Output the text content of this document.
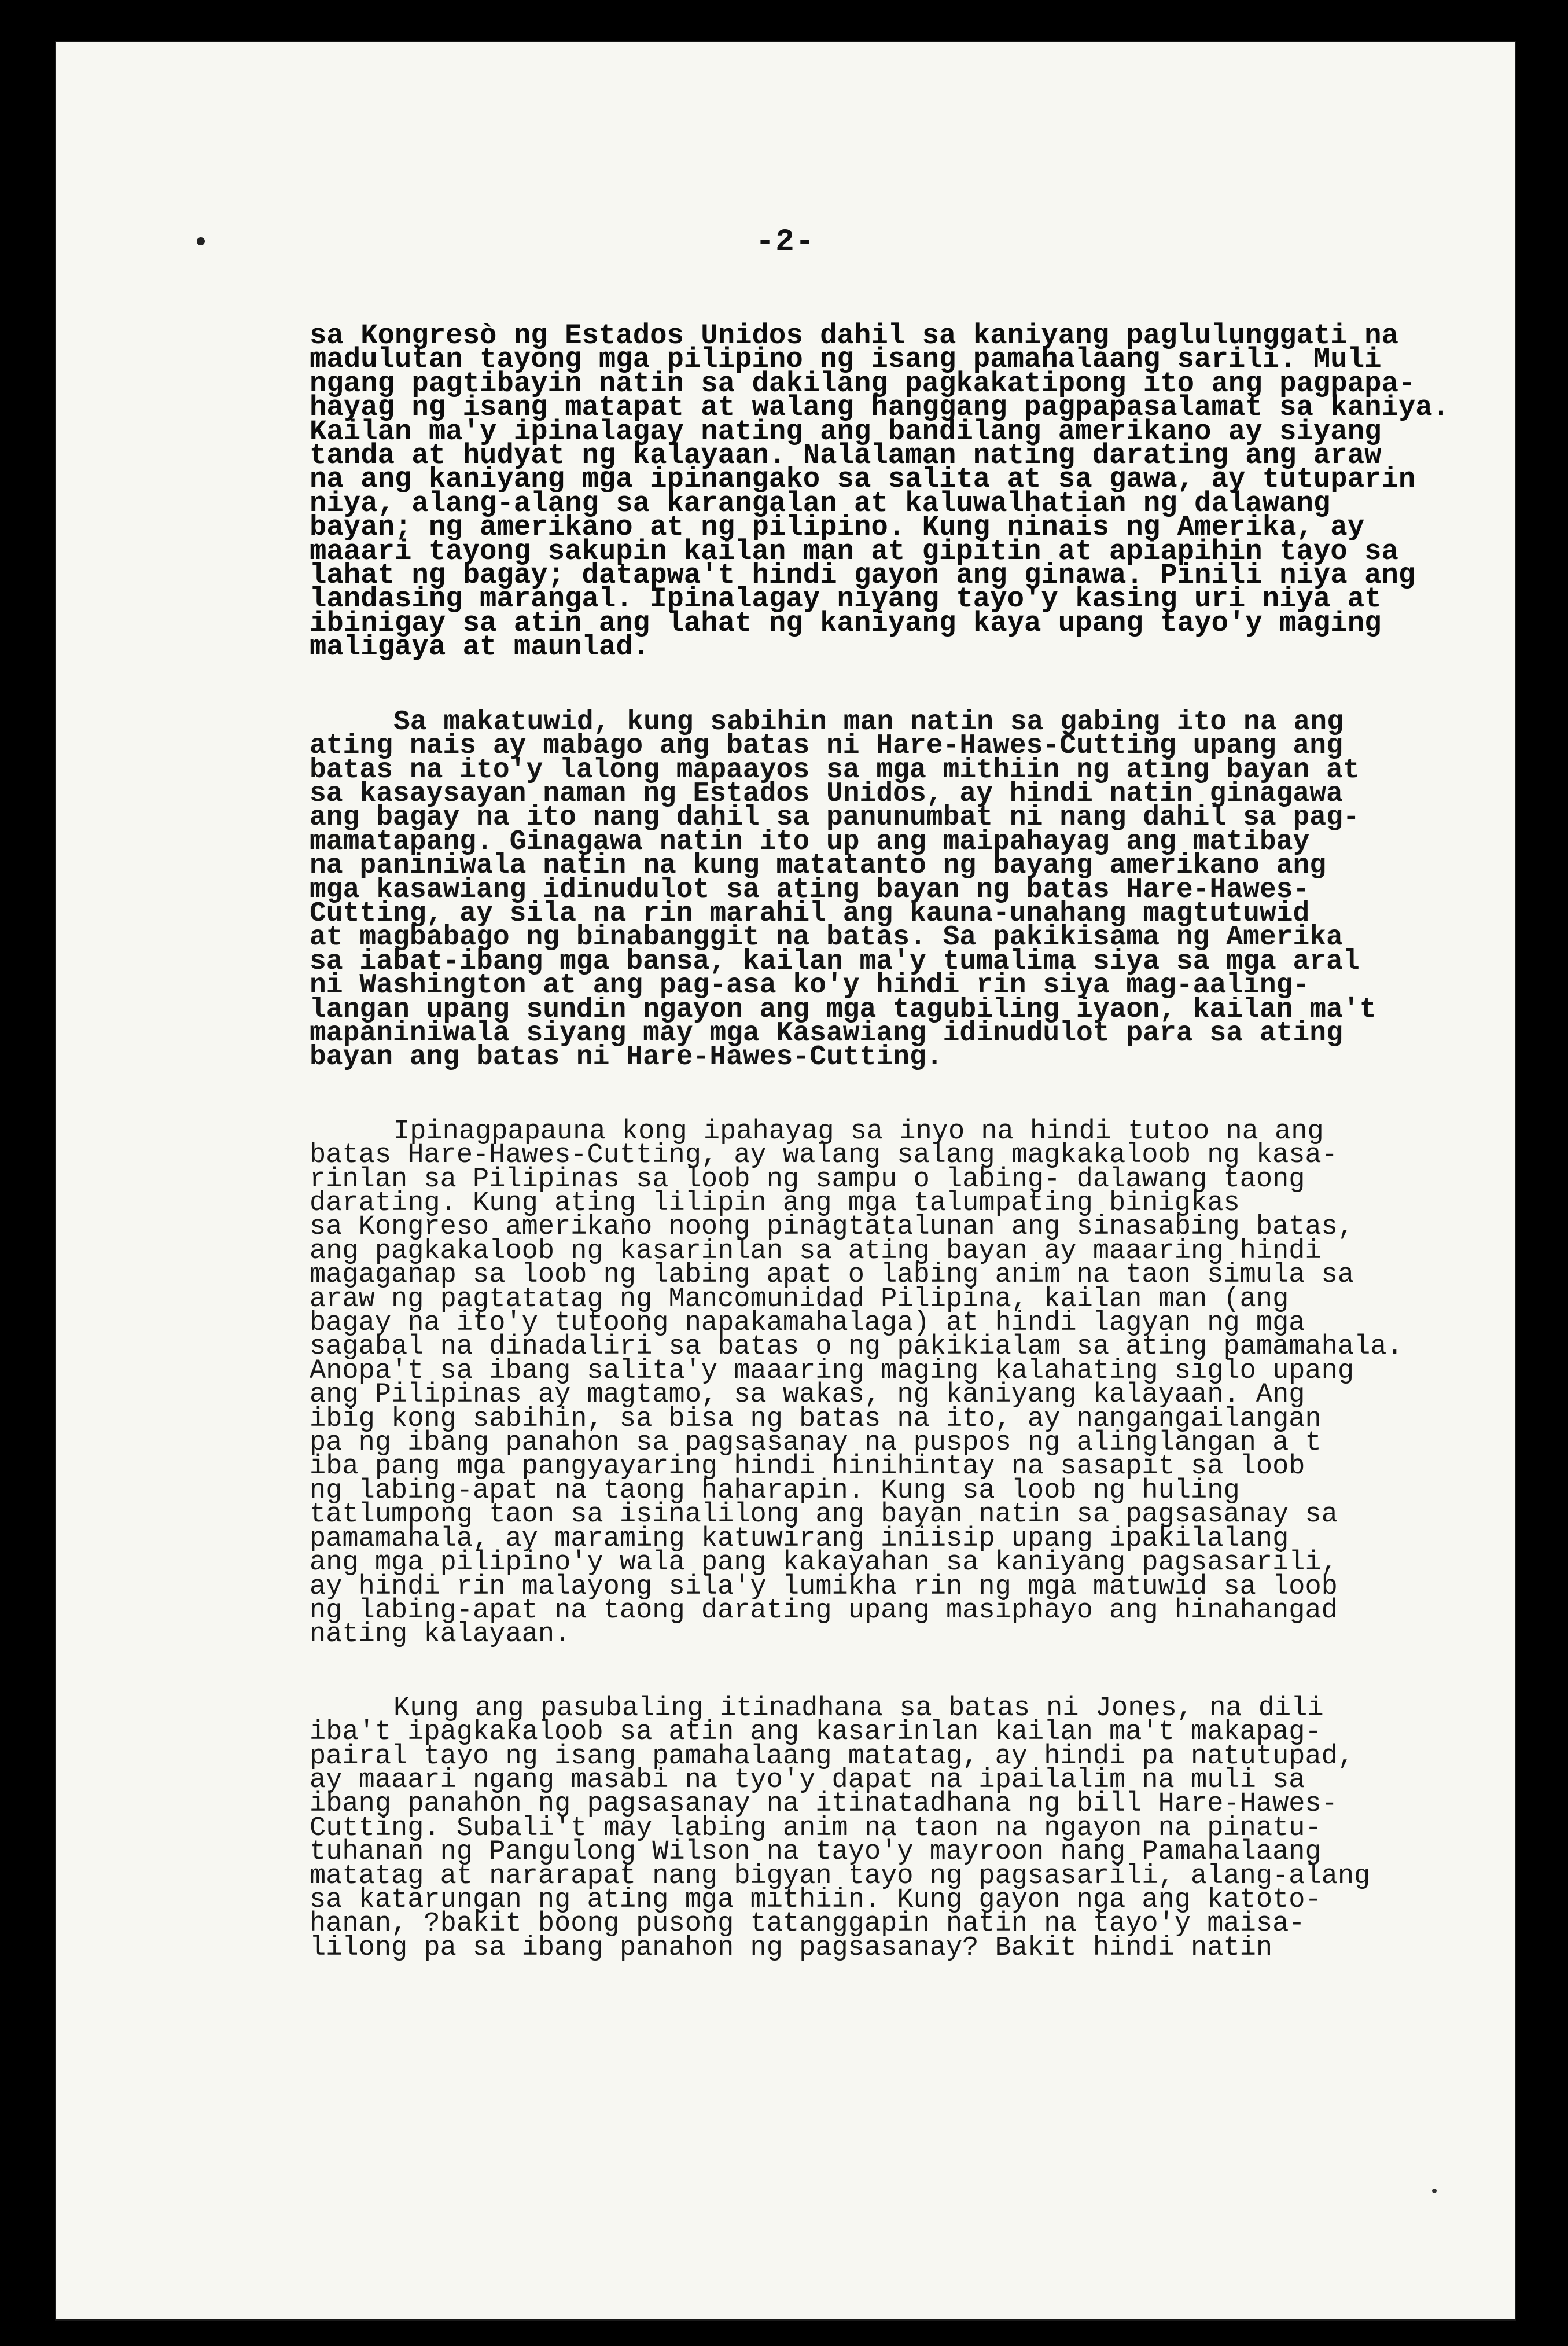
-2-

sa Kongresò ng Estados Unidos dahil sa kaniyang paglulunggati na
madulutan tayong mga pilipino ng isang pamahalaang sarili. Muli
ngang pagtibayin natin sa dakilang pagkakatipong ito ang pagpapa-
hayag ng isang matapat at walang hanggang pagpapasalamat sa kaniya.
Kailan ma'y ipinalagay nating ang bandilang amerikano ay siyang
tanda at hudyat ng kalayaan. Nalalaman nating darating ang araw
na ang kaniyang mga ipinangako sa salita at sa gawa, ay tutuparin
niya, alang-alang sa karangalan at kaluwalhatian ng dalawang
bayan; ng amerikano at ng pilipino. Kung ninais ng Amerika, ay
maaari tayong sakupin kailan man at gipitin at apiapihin tayo sa
lahat ng bagay; datapwa't hindi gayon ang ginawa. Pinili niya ang
landasing marangal. Ipinalagay niyang tayo'y kasing uri niya at
ibinigay sa atin ang lahat ng kaniyang kaya upang tayo'y maging
maligaya at maunlad.

Sa makatuwid, kung sabihin man natin sa gabing ito na ang
ating nais ay mabago ang batas ni Hare-Hawes-Cutting upang ang
batas na ito'y lalong mapaayos sa mga mithiin ng ating bayan at
sa kasaysayan naman ng Estados Unidos, ay hindi natin ginagawa
ang bagay na ito nang dahil sa panunumbat ni nang dahil sa pag-
mamatapang. Ginagawa natin ito up ang maipahayag ang matibay
na paniniwala natin na kung matatanto ng bayang amerikano ang
mga kasawiang idinudulot sa ating bayan ng batas Hare-Hawes-
Cutting, ay sila na rin marahil ang kauna-unahang magtutuwid
at magbabago ng binabanggit na batas. Sa pakikisama ng Amerika
sa iabat-ibang mga bansa, kailan ma'y tumalima siya sa mga aral
ni Washington at ang pag-asa ko'y hindi rin siya mag-aaling-
langan upang sundin ngayon ang mga tagubiling iyaon, kailan ma't
mapaniniwala siyang may mga Kasawiang idinudulot para sa ating
bayan ang batas ni Hare-Hawes-Cutting.

Ipinagpapauna kong ipahayag sa inyo na hindi tutoo na ang
batas Hare-Hawes-Cutting, ay walang salang magkakaloob ng kasa-
rinlan sa Pilipinas sa loob ng sampu o labing- dalawang taong
darating. Kung ating lilipin ang mga talumpating binigkas
sa Kongreso amerikano noong pinagtatalunan ang sinasabing batas,
ang pagkakaloob ng kasarinlan sa ating bayan ay maaaring hindi
magaganap sa loob ng labing apat o labing anim na taon simula sa
araw ng pagtatatag ng Mancomunidad Pilipina, kailan man (ang
bagay na ito'y tutoong napakamahalaga) at hindi lagyan ng mga
sagabal na dinadaliri sa batas o ng pakikialam sa ating pamamahala.
Anopa't sa ibang salita'y maaaring maging kalahating siglo upang
ang Pilipinas ay magtamo, sa wakas, ng kaniyang kalayaan. Ang
ibig kong sabihin, sa bisa ng batas na ito, ay nangangailangan
pa ng ibang panahon sa pagsasanay na puspos ng alinglangan a t
iba pang mga pangyayaring hindi hinihintay na sasapit sa loob
ng labing-apat na taong haharapin. Kung sa loob ng huling
tatlumpong taon sa isinalilong ang bayan natin sa pagsasanay sa
pamamahala, ay maraming katuwirang iniisip upang ipakilalang
ang mga pilipino'y wala pang kakayahan sa kaniyang pagsasarili,
ay hindi rin malayong sila'y lumikha rin ng mga matuwid sa loob
ng labing-apat na taong darating upang masiphayo ang hinahangad
nating kalayaan.

Kung ang pasubaling itinadhana sa batas ni Jones, na dili
iba't ipagkakaloob sa atin ang kasarinlan kailan ma't makapag-
pairal tayo ng isang pamahalaang matatag, ay hindi pa natutupad,
ay maaari ngang masabi na tyo'y dapat na ipailalim na muli sa
ibang panahon ng pagsasanay na itinatadhana ng bill Hare-Hawes-
Cutting. Subali't may labing anim na taon na ngayon na pinatu-
tuhanan ng Pangulong Wilson na tayo'y mayroon nang Pamahalaang
matatag at nararapat nang bigyan tayo ng pagsasarili, alang-alang
sa katarungan ng ating mga mithiin. Kung gayon nga ang katoto-
hanan, ?bakit boong pusong tatanggapin natin na tayo'y maisa-
lilong pa sa ibang panahon ng pagsasanay? Bakit hindi natin
